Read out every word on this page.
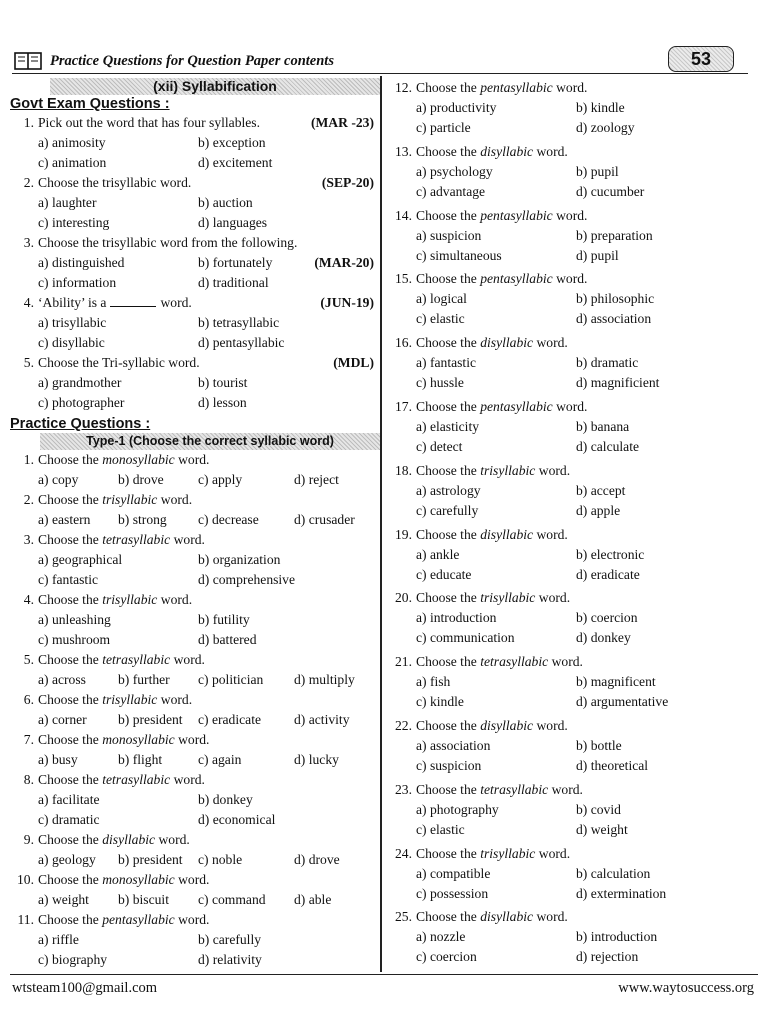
Practice Questions for Question Paper contents	53
(xii) Syllabification
Govt Exam Questions :
1. Pick out the word that has four syllables.	(MAR -23)
a) animosity	b) exception
c) animation	d) excitement
2. Choose the trisyllabic word.	(SEP-20)
a) laughter	b) auction
c) interesting	d) languages
3. Choose the trisyllabic word from the following.
a) distinguished	b) fortunately	(MAR-20)
c) information	d) traditional
4. ‘Ability’ is a	word.	(JUN-19)
a) trisyllabic	b) tetrasyllabic
c) disyllabic	d) pentasyllabic
5. Choose the Tri-syllabic word.	(MDL)
a) grandmother	b) tourist
c) photographer	d) lesson
Practice Questions :
Type-1 (Choose the correct syllabic word)
1. Choose the monosyllabic word.
a) copy	b) drove	c) apply	d) reject
2. Choose the trisyllabic word.
a) eastern b) strong c) decrease	d) crusader
3. Choose the tetrasyllabic word.
a) geographical	b) organization
c) fantastic	d) comprehensive
4. Choose the trisyllabic word.
a) unleashing	b) futility
c) mushroom	d) battered
5. Choose the tetrasyllabic word.
a) across b) further c) politician d) multiply
6. Choose the trisyllabic word.
a) corner b) president c) eradicate d) activity
7. Choose the monosyllabic word.
a) busy	b) flight	c) again	d) lucky
8. Choose the tetrasyllabic word.
a) facilitate	b) donkey
c) dramatic	d) economical
9. Choose the disyllabic word.
a) geology b) president c) noble	d) drove
10. Choose the monosyllabic word.
a) weight b) biscuit c) command d) able
11. Choose the pentasyllabic word.
a) riffle	b) carefully
c) biography	d) relativity
12. Choose the pentasyllabic word.
a) productivity	b) kindle
c) particle	d) zoology
13. Choose the disyllabic word.
a) psychology	b) pupil
c) advantage	d) cucumber
14. Choose the pentasyllabic word.
a) suspicion	b) preparation
c) simultaneous	d) pupil
15. Choose the pentasyllabic word.
a) logical	b) philosophic
c) elastic	d) association
16. Choose the disyllabic word.
a) fantastic	b) dramatic
c) hussle	d) magnificient
17. Choose the pentasyllabic word.
a) elasticity	b) banana
c) detect	d) calculate
18. Choose the trisyllabic word.
a) astrology	b) accept
c) carefully	d) apple
19. Choose the disyllabic word.
a) ankle	b) electronic
c) educate	d) eradicate
20. Choose the trisyllabic word.
a) introduction	b) coercion
c) communication	d) donkey
21. Choose the tetrasyllabic word.
a) fish	b) magnificent
c) kindle	d) argumentative
22. Choose the disyllabic word.
a) association	b) bottle
c) suspicion	d) theoretical
23. Choose the tetrasyllabic word.
a) photography	b) covid
c) elastic	d) weight
24. Choose the trisyllabic word.
a) compatible	b) calculation
c) possession	d) extermination
25. Choose the disyllabic word.
a) nozzle	b) introduction
c) coercion	d) rejection
wtsteam100@gmail.com	www.waytosuccess.org
